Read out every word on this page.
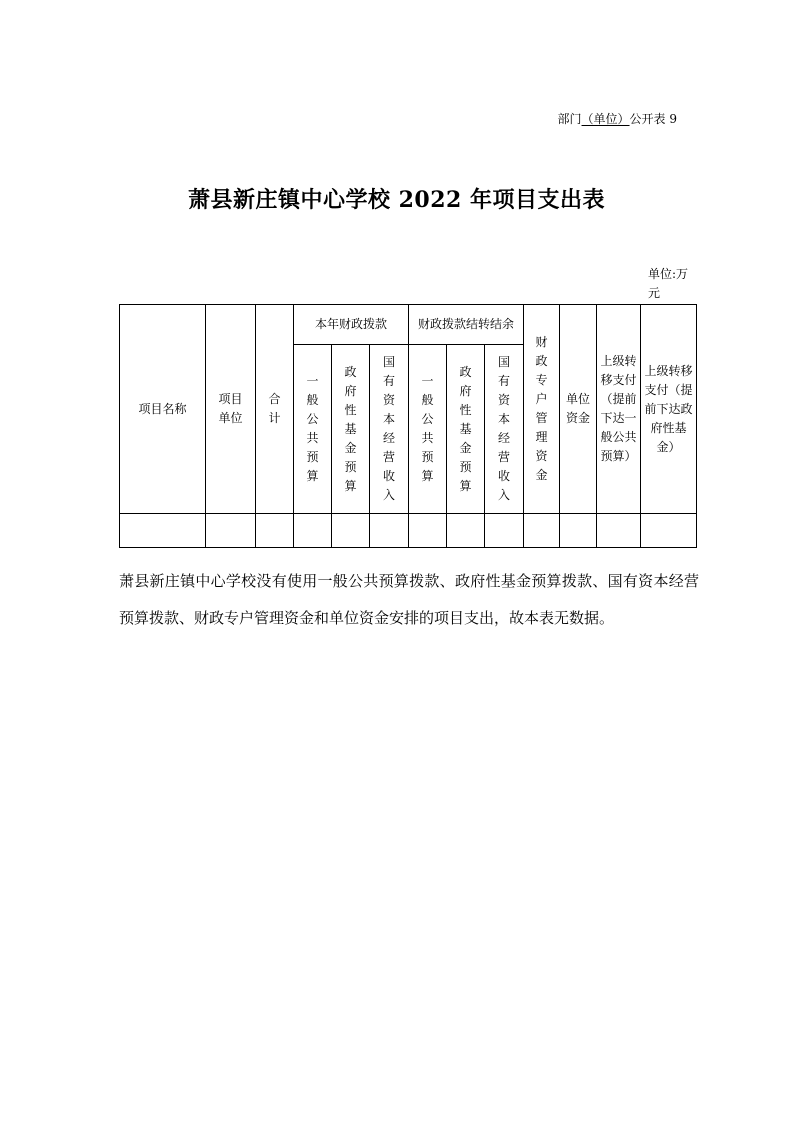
部门（单位）公开表 9
萧县新庄镇中心学校 2022 年项目支出表
单位:万元
项目名称	项目单位	合计	本年财政拨款			财政拨款结转结余			财政专户管理资金	单位资金	上级转移支付（提前下达一般公共预算）	上级转移支付（提前下达政府性基金）

			一般公共预算	政府性基金预算	国有资本经营收入	一般公共预算	政府性基金预算	国有资本经营收入				

萧县新庄镇中心学校没有使用一般公共预算拨款、政府性基金预算拨款、国有资本经营预算拨款、财政专户管理资金和单位资金安排的项目支出，故本表无数据。
